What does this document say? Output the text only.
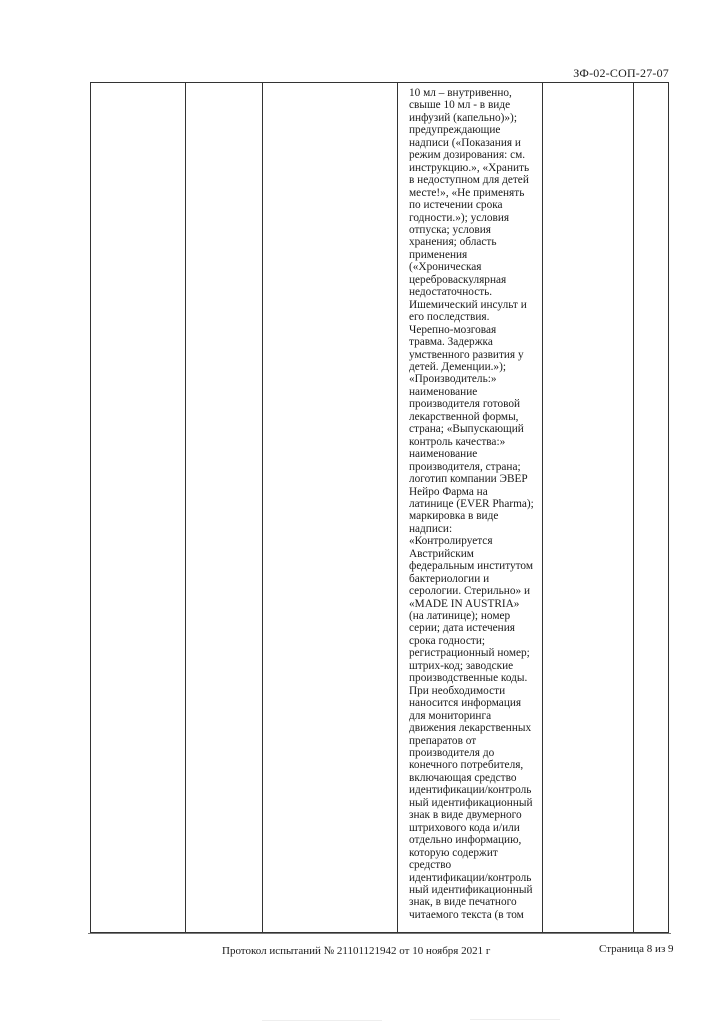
ЗФ-02-СОП-27-07
10 мл – внутривенно,
свыше 10 мл - в виде
инфузий (капельно)»);
предупреждающие
надписи («Показания и
режим дозирования: см.
инструкцию.», «Хранить
в недоступном для детей
месте!», «Не применять
по истечении срока
годности.»); условия
отпуска; условия
хранения; область
применения
(«Хроническая
цереброваскулярная
недостаточность.
Ишемический инсульт и
его последствия.
Черепно-мозговая
травма. Задержка
умственного развития у
детей. Деменции.»);
«Производитель:»
наименование
производителя готовой
лекарственной формы,
страна; «Выпускающий
контроль качества:»
наименование
производителя, страна;
логотип компании ЭВЕР
Нейро Фарма на
латинице (EVER Pharma);
маркировка в виде
надписи:
«Контролируется
Австрийским
федеральным институтом
бактериологии и
серологии. Стерильно» и
«MADE IN AUSTRIA»
(на латинице); номер
серии; дата истечения
срока годности;
регистрационный номер;
штрих-код; заводские
производственные коды.
При необходимости
наносится информация
для мониторинга
движения лекарственных
препаратов от
производителя до
конечного потребителя,
включающая средство
идентификации/контроль
ный идентификационный
знак в виде двумерного
штрихового кода и/или
отдельно информацию,
которую содержит
средство
идентификации/контроль
ный идентификационный
знак, в виде печатного
читаемого текста (в том
Протокол испытаний № 21101121942 от 10 ноября 2021 г	Страница 8 из 9
